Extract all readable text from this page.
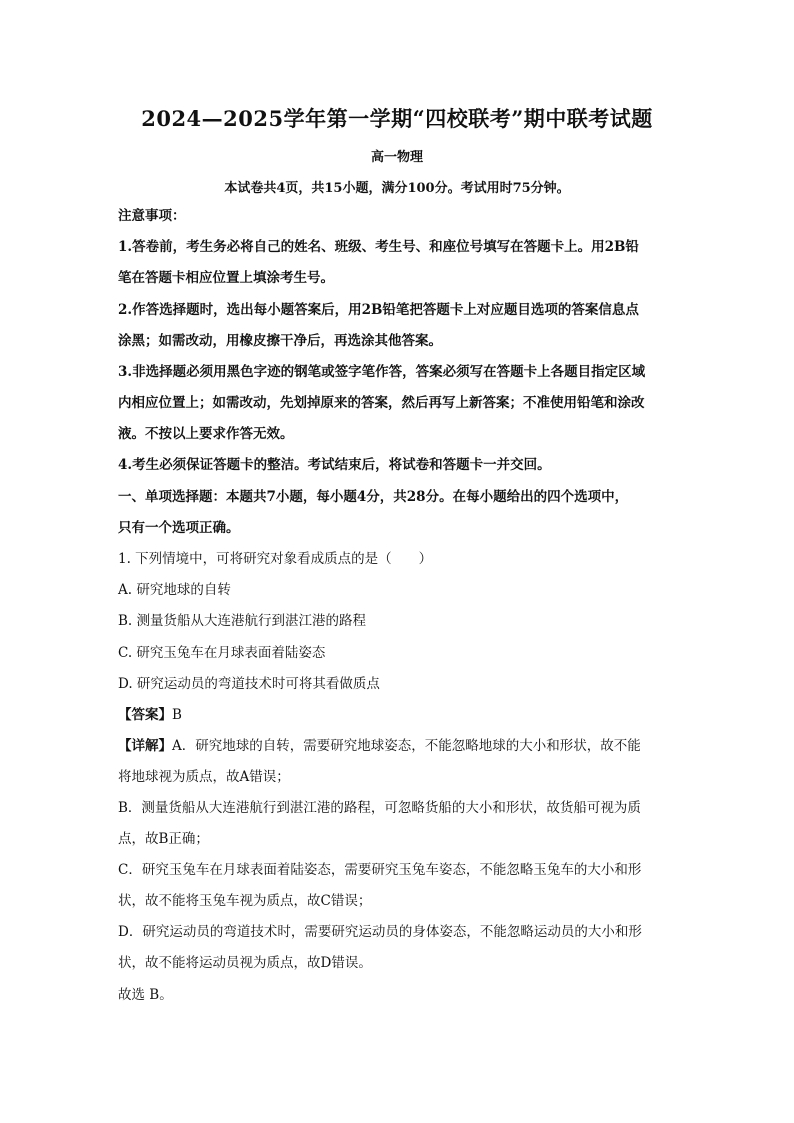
2024—2025学年第一学期“四校联考”期中联考试题
高一物理
本试卷共4页，共15小题，满分100分。考试用时75分钟。
注意事项：
1.答卷前，考生务必将自己的姓名、班级、考生号、和座位号填写在答题卡上。用2B铅
笔在答题卡相应位置上填涂考生号。
2.作答选择题时，选出每小题答案后，用2B铅笔把答题卡上对应题目选项的答案信息点
涂黑；如需改动，用橡皮擦干净后，再选涂其他答案。
3.非选择题必须用黑色字迹的钢笔或签字笔作答，答案必须写在答题卡上各题目指定区域
内相应位置上；如需改动，先划掉原来的答案，然后再写上新答案；不准使用铅笔和涂改
液。不按以上要求作答无效。
4.考生必须保证答题卡的整洁。考试结束后，将试卷和答题卡一并交回。
一、单项选择题：本题共7小题，每小题4分，共28分。在每小题给出的四个选项中，
只有一个选项正确。
1. 下列情境中，可将研究对象看成质点的是（　　）
A. 研究地球的自转
B. 测量货船从大连港航行到湛江港的路程
C. 研究玉兔车在月球表面着陆姿态
D. 研究运动员的弯道技术时可将其看做质点
【答案】B
【详解】A．研究地球的自转，需要研究地球姿态，不能忽略地球的大小和形状，故不能
将地球视为质点，故A错误；
B．测量货船从大连港航行到湛江港的路程，可忽略货船的大小和形状，故货船可视为质
点，故B正确；
C．研究玉兔车在月球表面着陆姿态，需要研究玉兔车姿态，不能忽略玉兔车的大小和形
状，故不能将玉兔车视为质点，故C错误；
D．研究运动员的弯道技术时，需要研究运动员的身体姿态，不能忽略运动员的大小和形
状，故不能将运动员视为质点，故D错误。
故选 B。
